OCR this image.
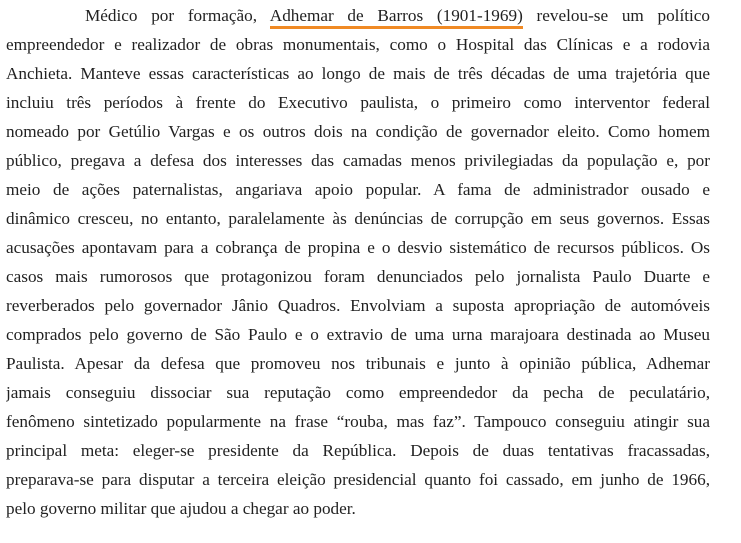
Médico por formação, Adhemar de Barros (1901-1969) revelou-se um político
empreendedor e realizador de obras monumentais, como o Hospital das Clínicas e a rodovia
Anchieta. Manteve essas características ao longo de mais de três décadas de uma trajetória que
incluiu três períodos à frente do Executivo paulista, o primeiro como interventor federal
nomeado por Getúlio Vargas e os outros dois na condição de governador eleito. Como homem
público, pregava a defesa dos interesses das camadas menos privilegiadas da população e, por
meio de ações paternalistas, angariava apoio popular. A fama de administrador ousado e
dinâmico cresceu, no entanto, paralelamente às denúncias de corrupção em seus governos. Essas
acusações apontavam para a cobrança de propina e o desvio sistemático de recursos públicos. Os
casos mais rumorosos que protagonizou foram denunciados pelo jornalista Paulo Duarte e
reverberados pelo governador Jânio Quadros. Envolviam a suposta apropriação de automóveis
comprados pelo governo de São Paulo e o extravio de uma urna marajoara destinada ao Museu
Paulista. Apesar da defesa que promoveu nos tribunais e junto à opinião pública, Adhemar
jamais conseguiu dissociar sua reputação como empreendedor da pecha de peculatário,
fenômeno sintetizado popularmente na frase “rouba, mas faz”. Tampouco conseguiu atingir sua
principal meta: eleger-se presidente da República. Depois de duas tentativas fracassadas,
preparava-se para disputar a terceira eleição presidencial quanto foi cassado, em junho de 1966,
pelo governo militar que ajudou a chegar ao poder.
